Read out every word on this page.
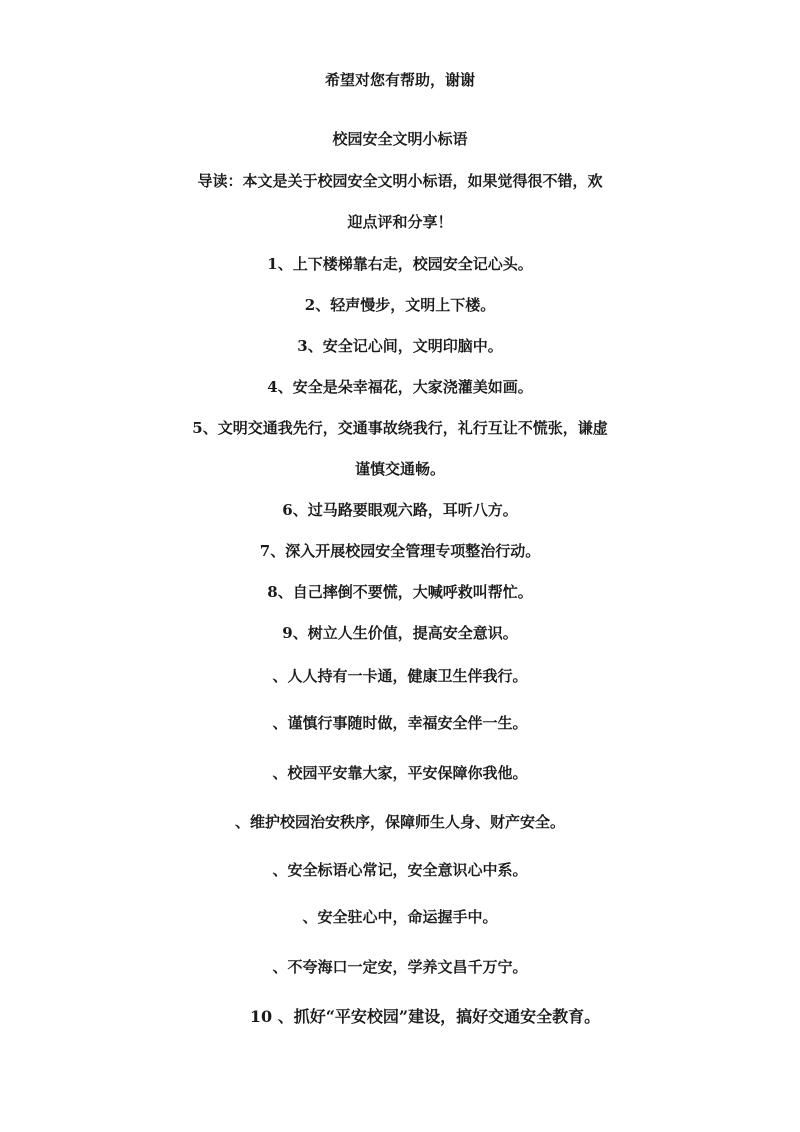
希望对您有帮助，谢谢
校园安全文明小标语
导读：本文是关于校园安全文明小标语，如果觉得很不错，欢
迎点评和分享！
1、上下楼梯靠右走，校园安全记心头。
2、轻声慢步，文明上下楼。
3、安全记心间，文明印脑中。
4、安全是朵幸福花，大家浇灌美如画。
5、文明交通我先行，交通事故绕我行，礼行互让不慌张，谦虚
谨慎交通畅。
6、过马路要眼观六路，耳听八方。
7、深入开展校园安全管理专项整治行动。
8、自己摔倒不要慌，大喊呼救叫帮忙。
9、树立人生价值，提高安全意识。
、人人持有一卡通，健康卫生伴我行。
、谨慎行事随时做，幸福安全伴一生。
、校园平安靠大家，平安保障你我他。
、维护校园治安秩序，保障师生人身、财产安全。
、安全标语心常记，安全意识心中系。
、安全驻心中，命运握手中。
、不夸海口一定安，学养文昌千万宁。
10 、抓好“平安校园”建设，搞好交通安全教育。
